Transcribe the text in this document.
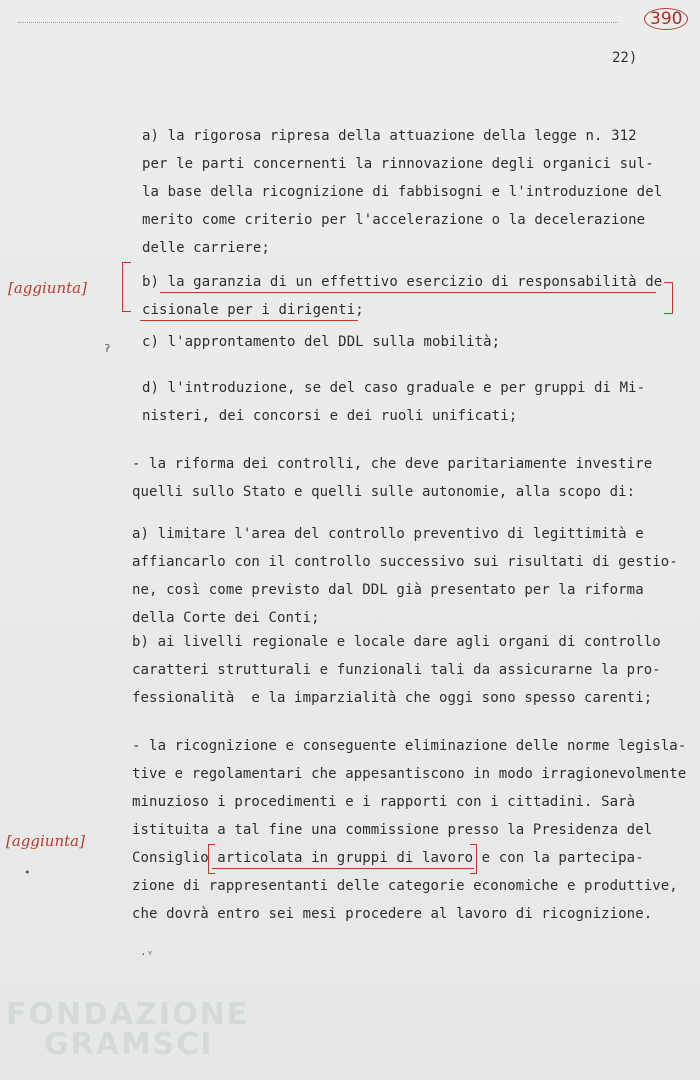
390
22)
a) la rigorosa ripresa della attuazione della legge n. 312
per le parti concernenti la rinnovazione degli organici sul-
la base della ricognizione di fabbisogni e l'introduzione del
merito come criterio per l'accelerazione o la decelerazione
delle carriere;
[aggiunta]	b) la garanzia di un effettivo esercizio di responsabilità de
cisionale per i dirigenti;
c) l'approntamento del DDL sulla mobilità;
ʔ
d) l'introduzione, se del caso graduale e per gruppi di Mi-
nisteri, dei concorsi e dei ruoli unificati;
- la riforma dei controlli, che deve paritariamente investire
quelli sullo Stato e quelli sulle autonomie, alla scopo di:
a) limitare l'area del controllo preventivo di legittimità e
affiancarlo con il controllo successivo sui risultati di gestio-
ne, così come previsto dal DDL già presentato per la riforma
della Corte dei Conti;
b) ai livelli regionale e locale dare agli organi di controllo
caratteri strutturali e funzionali tali da assicurarne la pro-
fessionalità  e la imparzialità che oggi sono spesso carenti;
- la ricognizione e conseguente eliminazione delle norme legisla-
tive e regolamentari che appesantiscono in modo irragionevolmente
minuzioso i procedimenti e i rapporti con i cittadini. Sarà
istituita a tal fine una commissione presso la Presidenza del
[aggiunta]
Consiglio articolata in gruppi di lavoro e con la partecipa-
•
zione di rappresentanti delle categorie economiche e produttive,
che dovrà entro sei mesi procedere al lavoro di ricognizione.
·ᵛ
FONDAZIONE
GRAMSCI
